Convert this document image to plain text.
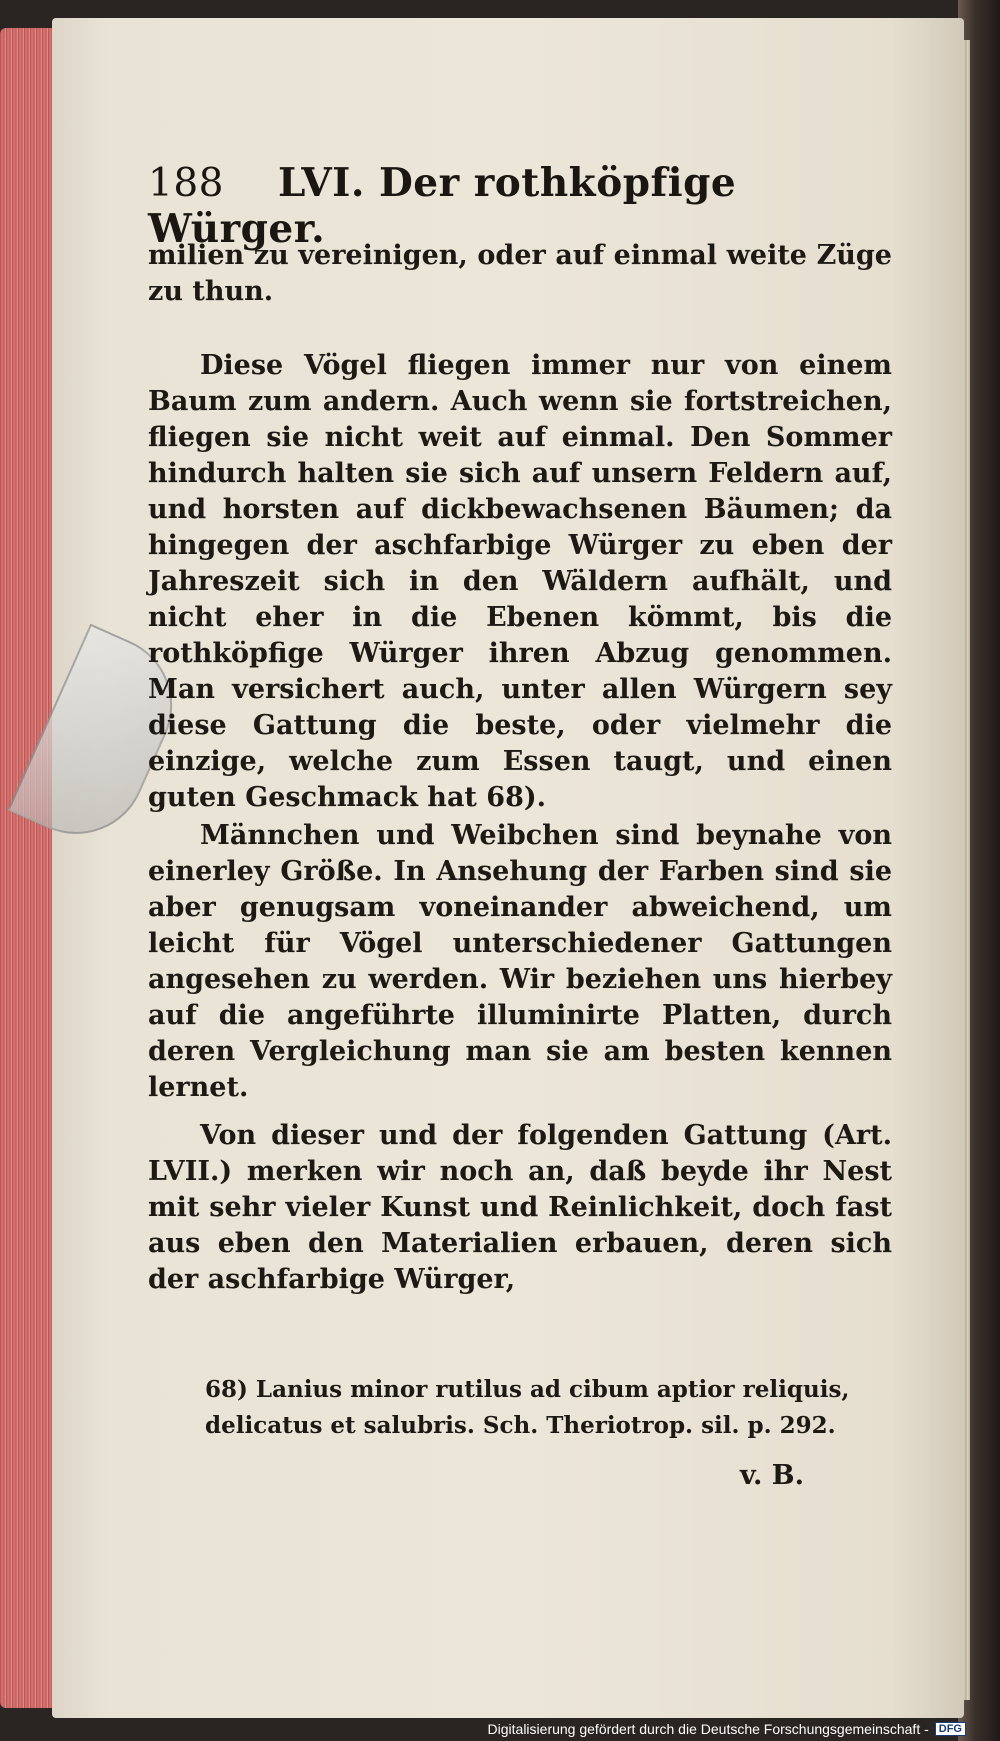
188 LVI. Der rothköpfige Würger.

milien zu vereinigen, oder auf einmal weite Züge zu thun.

Diese Vögel fliegen immer nur von einem Baum zum andern. Auch wenn sie fortstreichen, fliegen sie nicht weit auf einmal. Den Sommer hindurch halten sie sich auf unsern Feldern auf, und horsten auf dickbewachsenen Bäumen; da hingegen der aschfarbige Würger zu eben der Jahreszeit sich in den Wäldern aufhält, und nicht eher in die Ebenen kömmt, bis die rothköpfige Würger ihren Abzug genommen. Man versichert auch, unter allen Würgern sey diese Gattung die beste, oder vielmehr die einzige, welche zum Essen taugt, und einen guten Geschmack hat 68).

Männchen und Weibchen sind beynahe von einerley Größe. In Ansehung der Farben sind sie aber genugsam voneinander abweichend, um leicht für Vögel unterschiedener Gattungen angesehen zu werden. Wir beziehen uns hierbey auf die angeführte illuminirte Platten, durch deren Vergleichung man sie am besten kennen lernet.

Von dieser und der folgenden Gattung (Art. LVII.) merken wir noch an, daß beyde ihr Nest mit sehr vieler Kunst und Reinlichkeit, doch fast aus eben den Materialien erbauen, deren sich der aschfarbige Würger,

68) Lanius minor rutilus ad cibum aptior reliquis, delicatus et salubris. Sch. Theriotrop. sil. p. 292.
v. B.
Digitalisierung gefördert durch die Deutsche Forschungsgemeinschaft - DFG
